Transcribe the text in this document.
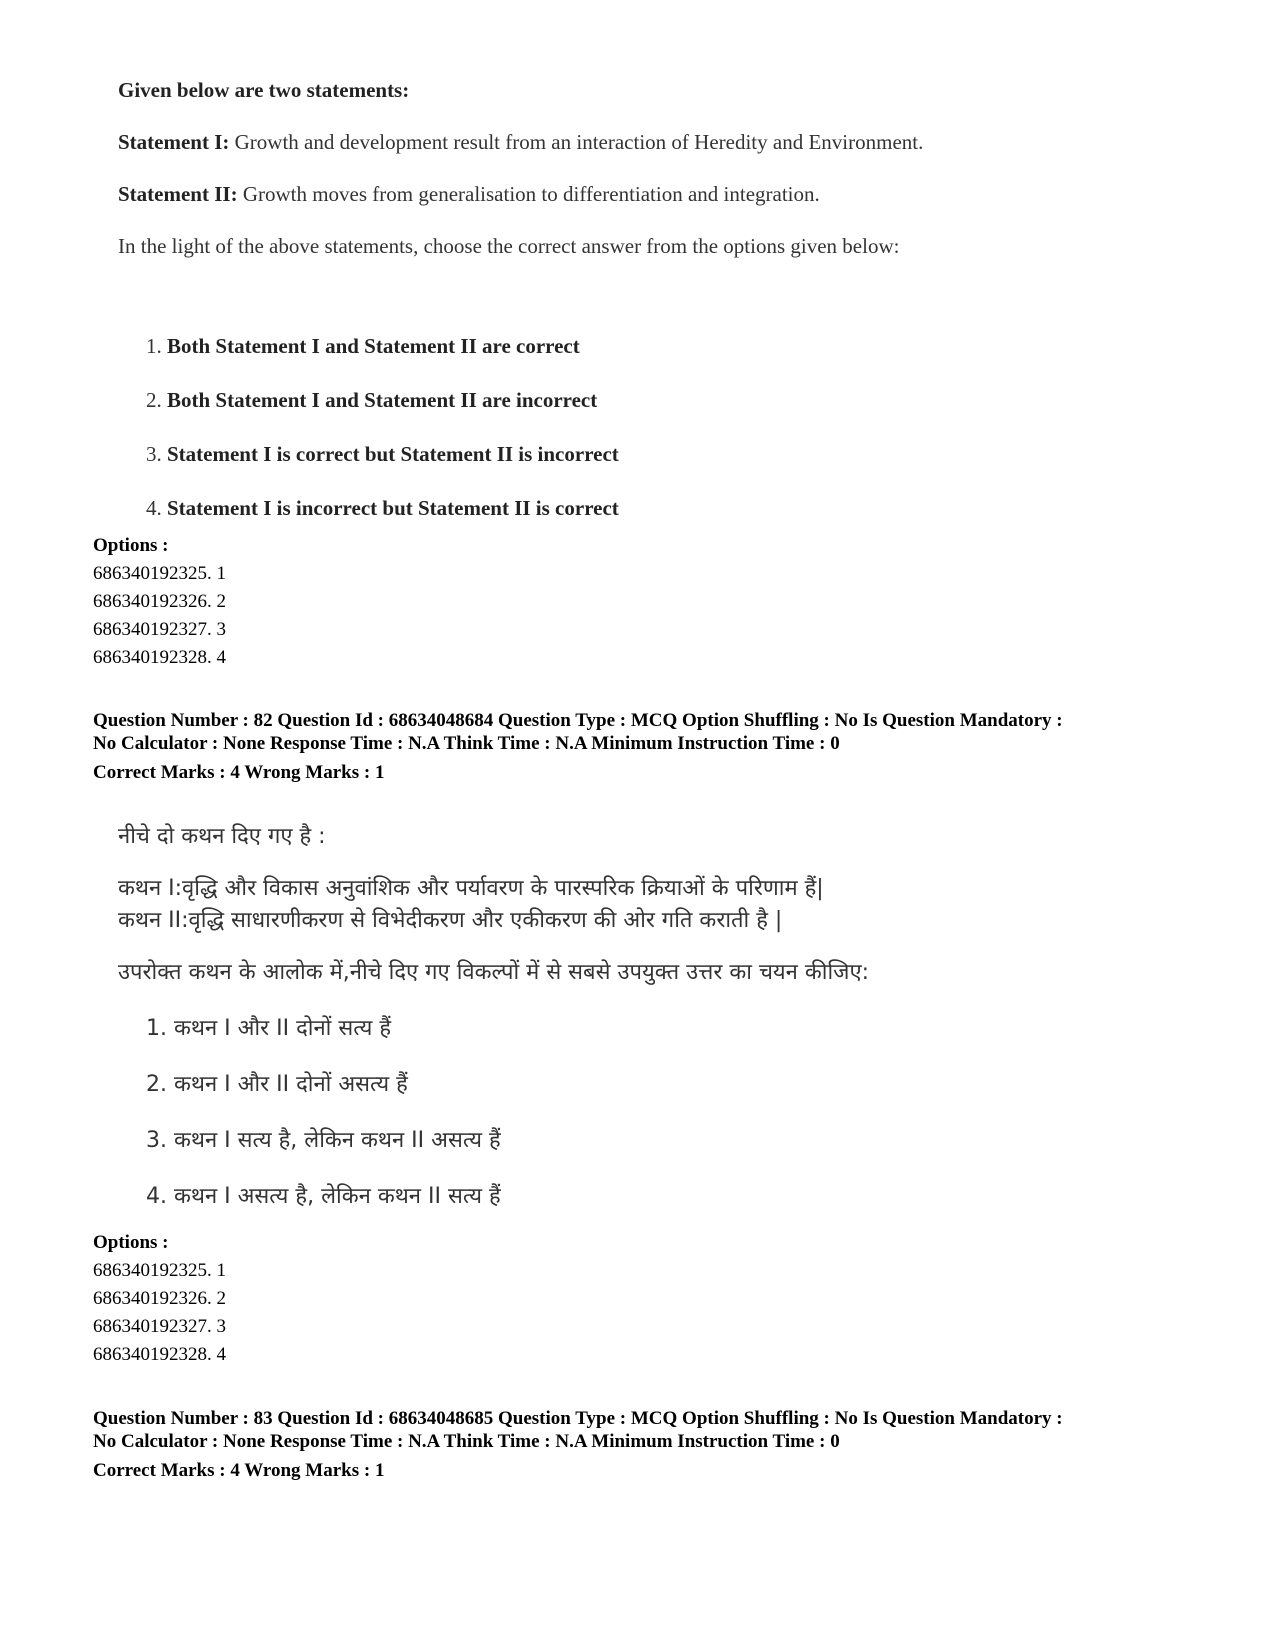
Given below are two statements:

Statement I: Growth and development result from an interaction of Heredity and Environment.

Statement II: Growth moves from generalisation to differentiation and integration.

In the light of the above statements, choose the correct answer from the options given below:

1. Both Statement I and Statement II are correct
2. Both Statement I and Statement II are incorrect
3. Statement I is correct but Statement II is incorrect
4. Statement I is incorrect but Statement II is correct
Options :
686340192325. 1
686340192326. 2
686340192327. 3
686340192328. 4
Question Number : 82 Question Id : 68634048684 Question Type : MCQ Option Shuffling : No Is Question Mandatory :
No Calculator : None Response Time : N.A Think Time : N.A Minimum Instruction Time : 0
Correct Marks : 4 Wrong Marks : 1
नीचे दो कथन दिए गए है :
कथन I:वृद्धि और विकास अनुवांशिक और पर्यावरण के पारस्परिक क्रियाओं के परिणाम हैं|
कथन II:वृद्धि साधारणीकरण से विभेदीकरण और एकीकरण की ओर गति कराती है |
उपरोक्त कथन के आलोक में,नीचे दिए गए विकल्पों में से सबसे उपयुक्त उत्तर का चयन कीजिए:
1. कथन I और II दोनों सत्य हैं
2. कथन I और II दोनों असत्य हैं
3. कथन I सत्य है, लेकिन कथन II असत्य हैं
4. कथन I असत्य है, लेकिन कथन II सत्य हैं
Options :
686340192325. 1
686340192326. 2
686340192327. 3
686340192328. 4
Question Number : 83 Question Id : 68634048685 Question Type : MCQ Option Shuffling : No Is Question Mandatory :
No Calculator : None Response Time : N.A Think Time : N.A Minimum Instruction Time : 0
Correct Marks : 4 Wrong Marks : 1
